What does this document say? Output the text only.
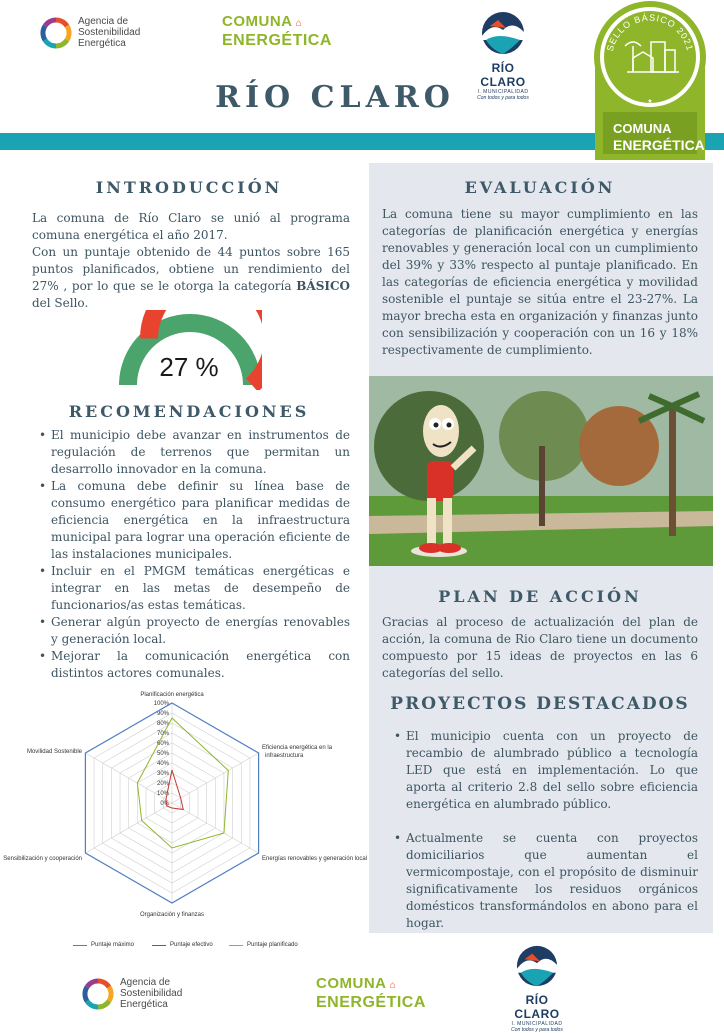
Agencia de
Sostenibilidad
Energética
COMUNA ⌂
ENERGÉTICA
RÍO CLARO
I. MUNICIPALIDAD
Con todos y para todos
RÍO CLARO
SELLO BÁSICO 2021
★
COMUNA
ENERGÉTICA
INTRODUCCIÓN
La comuna de Río Claro se unió al programa comuna energética el año 2017.
Con un puntaje obtenido de 44 puntos sobre 165 puntos planificados, obtiene un rendimiento del 27% , por lo que se le otorga la categoría BÁSICO del Sello.
27 %
RECOMENDACIONES
• El municipio debe avanzar en instrumentos de regulación de terrenos que permitan un desarrollo innovador en la comuna.
• La comuna debe definir su línea base de consumo energético para planificar medidas de eficiencia energética en la infraestructura municipal para lograr una operación eficiente de las instalaciones municipales.
• Incluir en el PMGM temáticas energéticas e integrar en las metas de desempeño de funcionarios/as estas temáticas.
• Generar algún proyecto de energías renovables y generación local.
• Mejorar la comunicación energética con distintos actores comunales.
0%
10%
20%
30%
40%
50%
60%
70%
80%
90%
100%
Planificación energética
Eficiencia energética en la infraestructura
Energías renovables y generación local
Organización y finanzas
Sensibilización y cooperación
Movilidad Sostenible
Puntaje máximo	Puntaje efectivo	Puntaje planificado
EVALUACIÓN
La comuna tiene su mayor cumplimiento en las categorías de planificación energética y energías renovables y generación local con un cumplimiento del 39% y 33% respecto al puntaje planificado. En las categorías de eficiencia energética y movilidad sostenible el puntaje se sitúa entre el 23-27%. La mayor brecha esta en organización y finanzas junto con sensibilización y cooperación con un 16 y 18% respectivamente de cumplimiento.
PLAN DE ACCIÓN
Gracias al proceso de actualización del plan de acción, la comuna de Rio Claro tiene un documento compuesto por 15 ideas de proyectos en las 6 categorías del sello.
PROYECTOS DESTACADOS
• El municipio cuenta con un proyecto de recambio de alumbrado público a tecnología LED que está en implementación. Lo que aporta al criterio 2.8 del sello sobre eficiencia energética en alumbrado público.
• Actualmente se cuenta con proyectos domiciliarios que aumentan el vermicompostaje, con el propósito de disminuir significativamente los residuos orgánicos domésticos transformándolos en abono para el hogar.
Agencia de
Sostenibilidad
Energética
COMUNA ⌂
ENERGÉTICA	RÍO CLARO
I. MUNICIPALIDAD
Con todos y para todos
